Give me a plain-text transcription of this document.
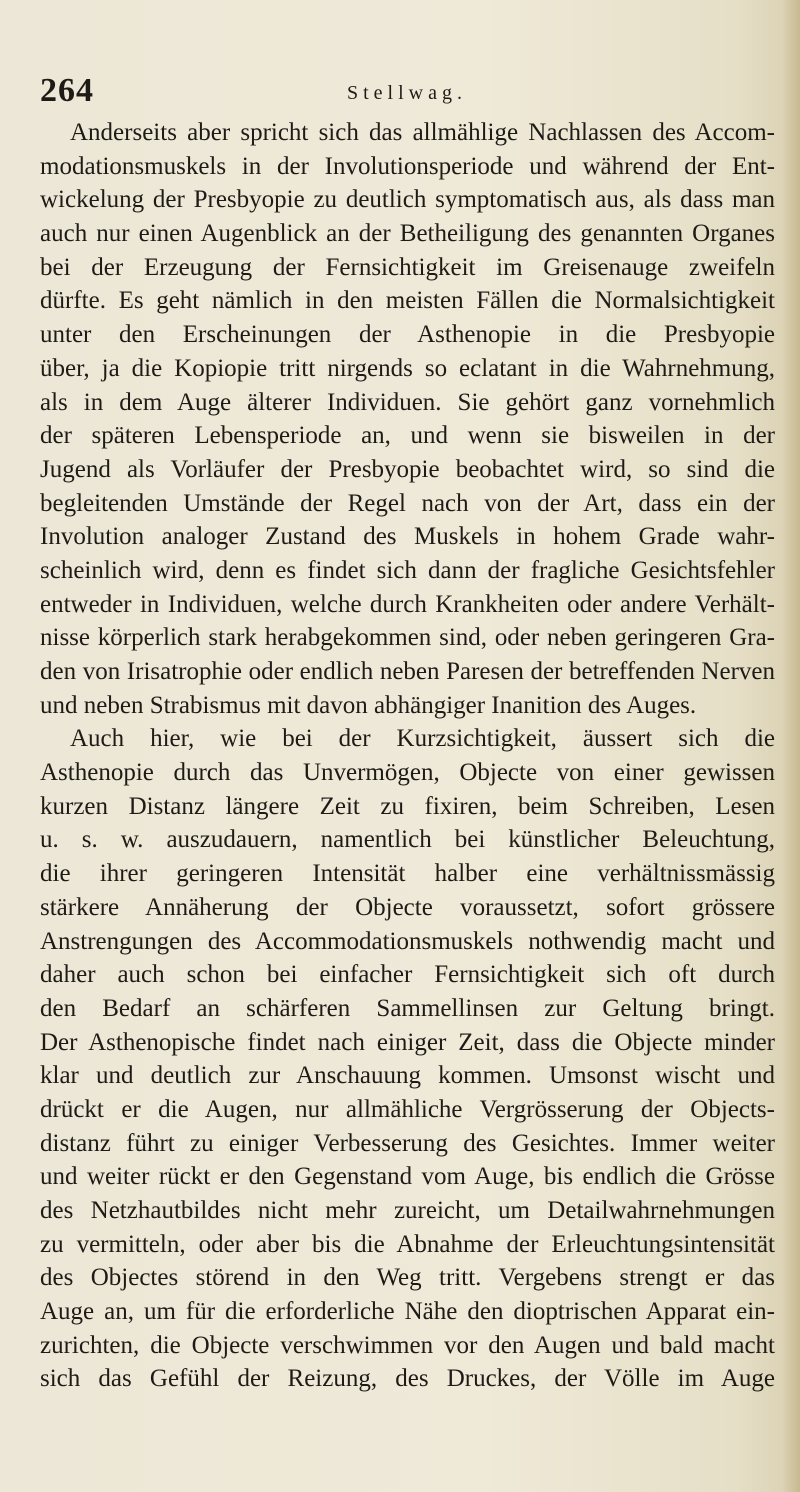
264	Stellwag.
Anderseits aber spricht sich das allmählige Nachlassen des Accom-
modationsmuskels in der Involutionsperiode und während der Ent-
wickelung der Presbyopie zu deutlich symptomatisch aus, als dass man
auch nur einen Augenblick an der Betheiligung des genannten Organes
bei der Erzeugung der Fernsichtigkeit im Greisenauge zweifeln
dürfte. Es geht nämlich in den meisten Fällen die Normalsichtigkeit
unter den Erscheinungen der Asthenopie in die Presbyopie
über, ja die Kopiopie tritt nirgends so eclatant in die Wahrnehmung,
als in dem Auge älterer Individuen. Sie gehört ganz vornehmlich
der späteren Lebensperiode an, und wenn sie bisweilen in der
Jugend als Vorläufer der Presbyopie beobachtet wird, so sind die
begleitenden Umstände der Regel nach von der Art, dass ein der
Involution analoger Zustand des Muskels in hohem Grade wahr-
scheinlich wird, denn es findet sich dann der fragliche Gesichtsfehler
entweder in Individuen, welche durch Krankheiten oder andere Verhält-
nisse körperlich stark herabgekommen sind, oder neben geringeren Gra-
den von Irisatrophie oder endlich neben Paresen der betreffenden Nerven
und neben Strabismus mit davon abhängiger Inanition des Auges.
Auch hier, wie bei der Kurzsichtigkeit, äussert sich die
Asthenopie durch das Unvermögen, Objecte von einer gewissen
kurzen Distanz längere Zeit zu fixiren, beim Schreiben, Lesen
u. s. w. auszudauern, namentlich bei künstlicher Beleuchtung,
die ihrer geringeren Intensität halber eine verhältnissmässig
stärkere Annäherung der Objecte voraussetzt, sofort grössere
Anstrengungen des Accommodationsmuskels nothwendig macht und
daher auch schon bei einfacher Fernsichtigkeit sich oft durch
den Bedarf an schärferen Sammellinsen zur Geltung bringt.
Der Asthenopische findet nach einiger Zeit, dass die Objecte minder
klar und deutlich zur Anschauung kommen. Umsonst wischt und
drückt er die Augen, nur allmähliche Vergrösserung der Objects-
distanz führt zu einiger Verbesserung des Gesichtes. Immer weiter
und weiter rückt er den Gegenstand vom Auge, bis endlich die Grösse
des Netzhautbildes nicht mehr zureicht, um Detailwahrnehmungen
zu vermitteln, oder aber bis die Abnahme der Erleuchtungsintensität
des Objectes störend in den Weg tritt. Vergebens strengt er das
Auge an, um für die erforderliche Nähe den dioptrischen Apparat ein-
zurichten, die Objecte verschwimmen vor den Augen und bald macht
sich das Gefühl der Reizung, des Druckes, der Völle im Auge
